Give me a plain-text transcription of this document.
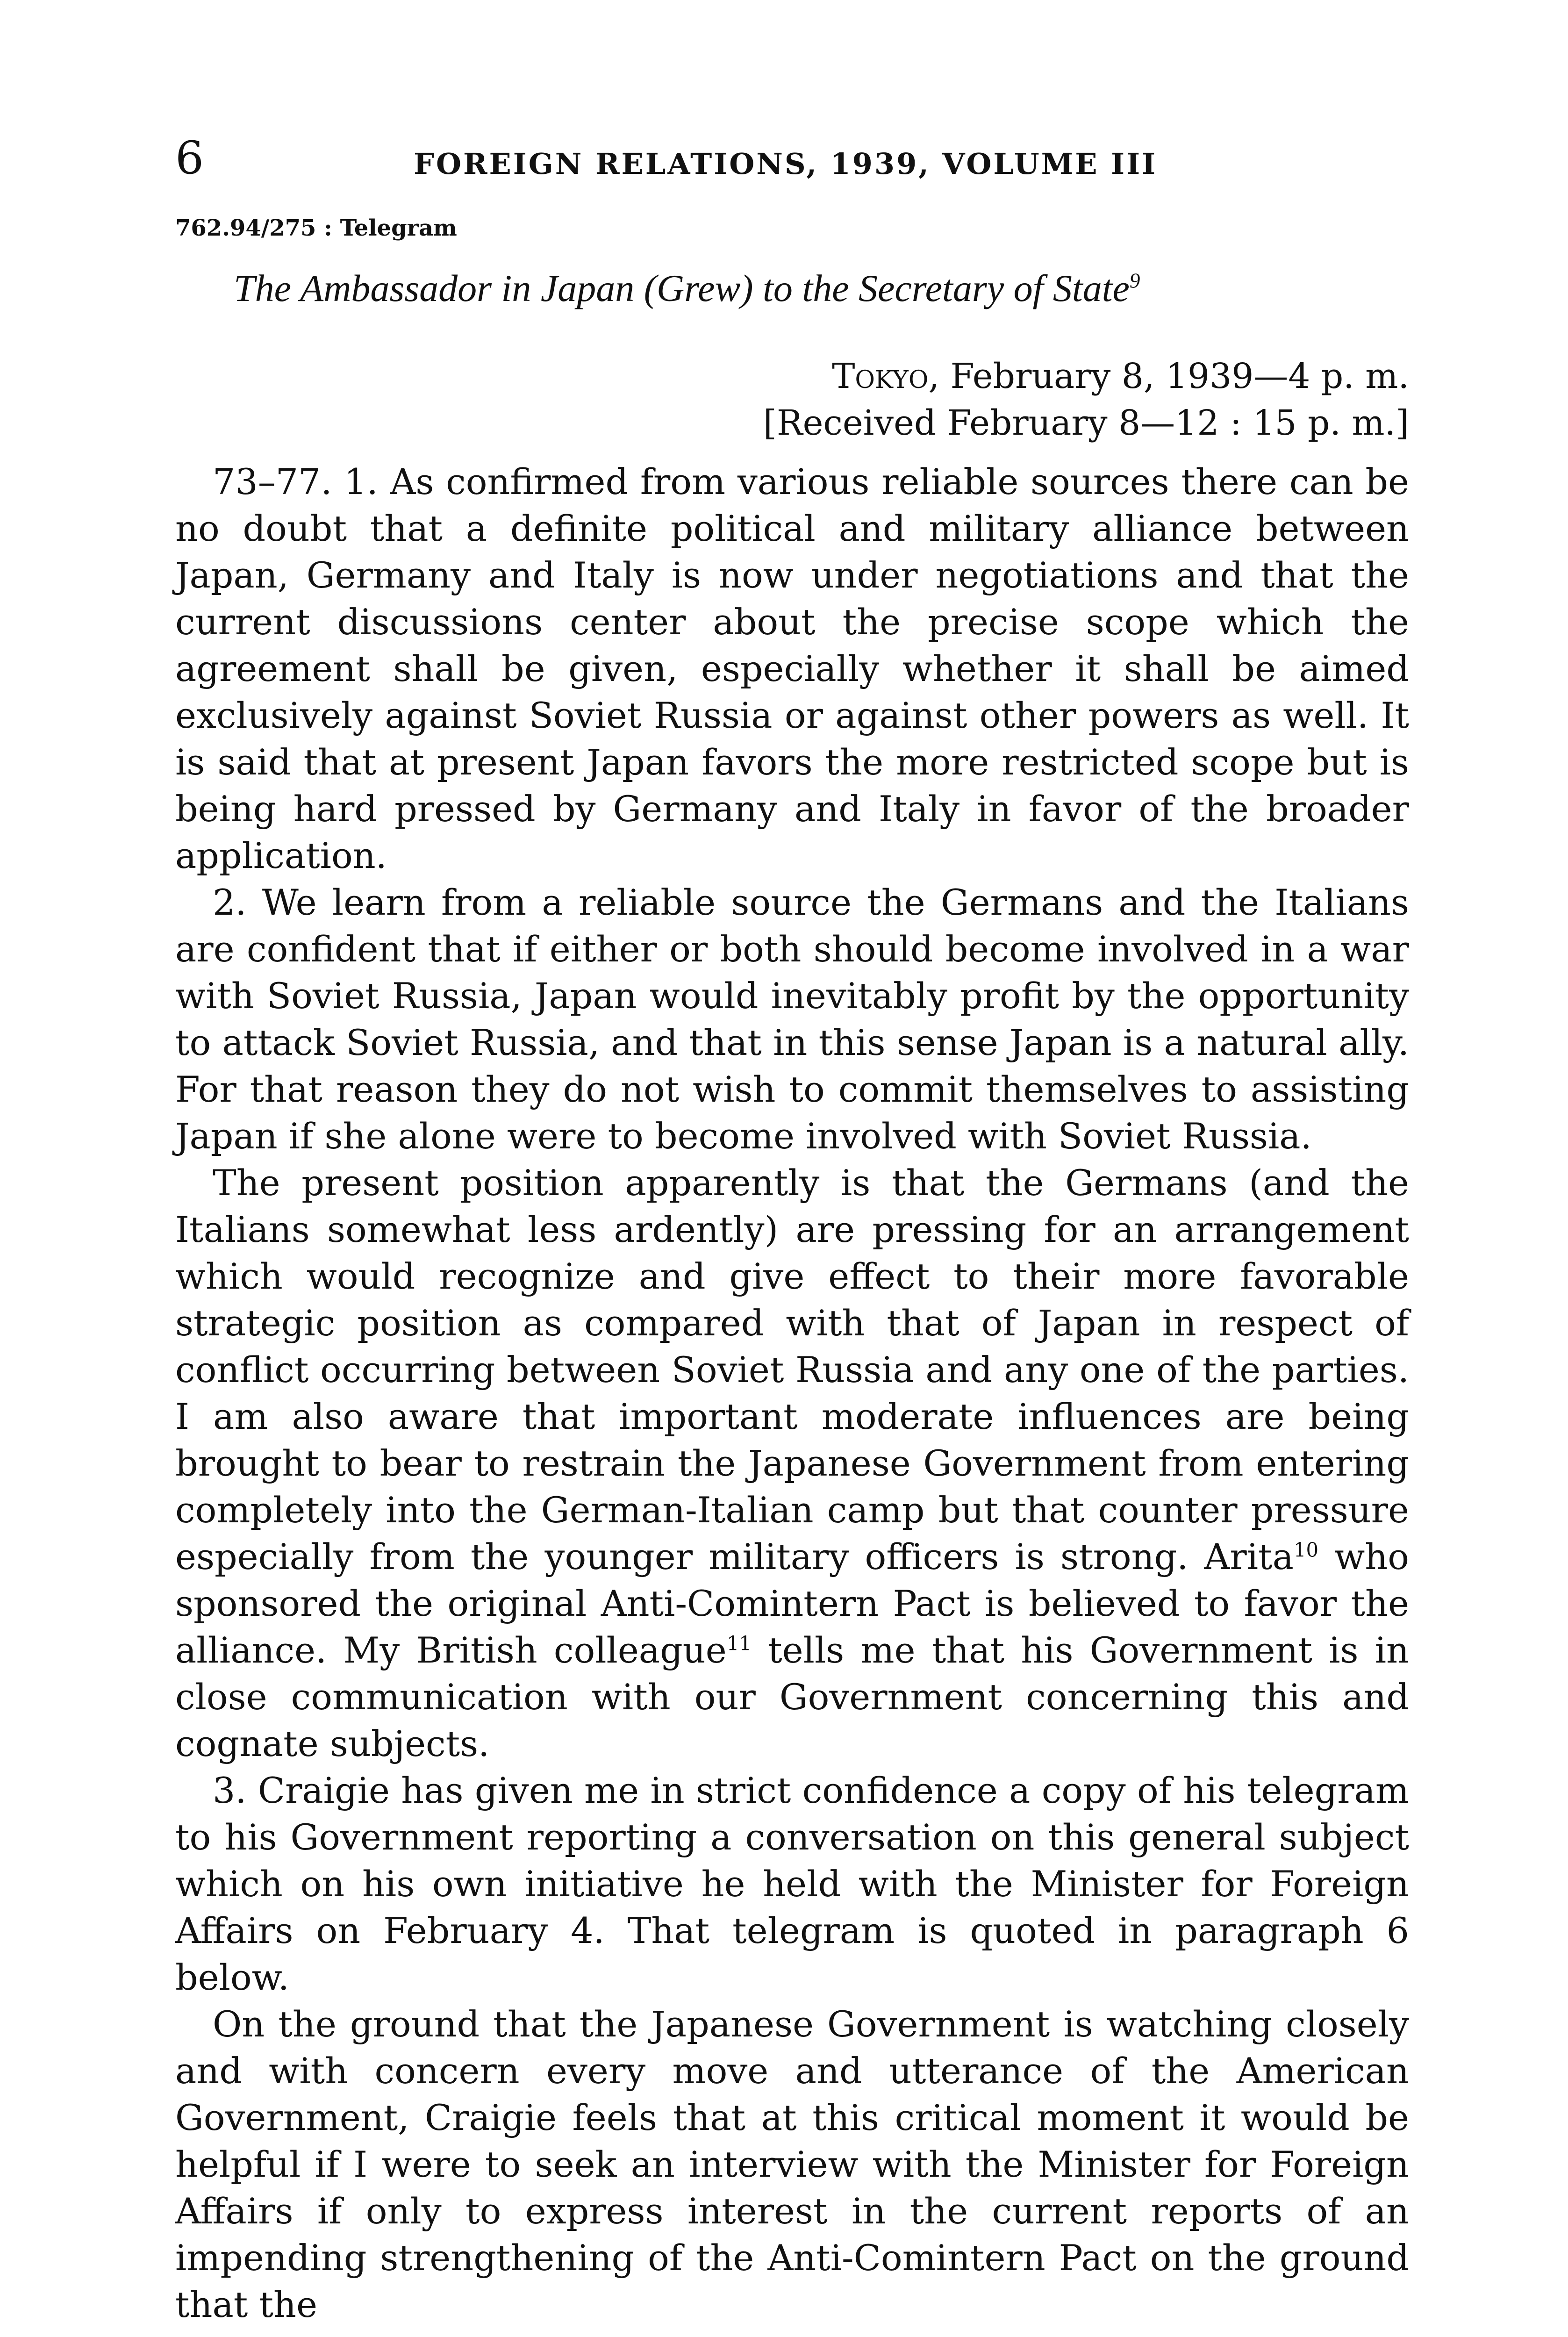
6	FOREIGN RELATIONS, 1939, VOLUME III
762.94/275 : Telegram
The Ambassador in Japan (Grew) to the Secretary of State$^9$
Tokyo, February 8, 1939—4 p. m.
[Received February 8—12 : 15 p. m.]

73–77. 1. As confirmed from various reliable sources there can be no doubt that a definite political and military alliance between Japan, Germany and Italy is now under negotiations and that the current discussions center about the precise scope which the agreement shall be given, especially whether it shall be aimed exclusively against Soviet Russia or against other powers as well. It is said that at present Japan favors the more restricted scope but is being hard pressed by Germany and Italy in favor of the broader application.

2. We learn from a reliable source the Germans and the Italians are confident that if either or both should become involved in a war with Soviet Russia, Japan would inevitably profit by the opportunity to attack Soviet Russia, and that in this sense Japan is a natural ally. For that reason they do not wish to commit themselves to assisting Japan if she alone were to become involved with Soviet Russia.

The present position apparently is that the Germans (and the Italians somewhat less ardently) are pressing for an arrangement which would recognize and give effect to their more favorable strategic position as compared with that of Japan in respect of conflict occurring between Soviet Russia and any one of the parties. I am also aware that important moderate influences are being brought to bear to restrain the Japanese Government from entering completely into the German-Italian camp but that counter pressure especially from the younger military officers is strong. Arita$^{10}$ who sponsored the original Anti-Comintern Pact is believed to favor the alliance. My British colleague$^{11}$ tells me that his Government is in close communication with our Government concerning this and cognate subjects.

3. Craigie has given me in strict confidence a copy of his telegram to his Government reporting a conversation on this general subject which on his own initiative he held with the Minister for Foreign Affairs on February 4. That telegram is quoted in paragraph 6 below.

On the ground that the Japanese Government is watching closely and with concern every move and utterance of the American Government, Craigie feels that at this critical moment it would be helpful if I were to seek an interview with the Minister for Foreign Affairs if only to express interest in the current reports of an impending strengthening of the Anti-Comintern Pact on the ground that the
